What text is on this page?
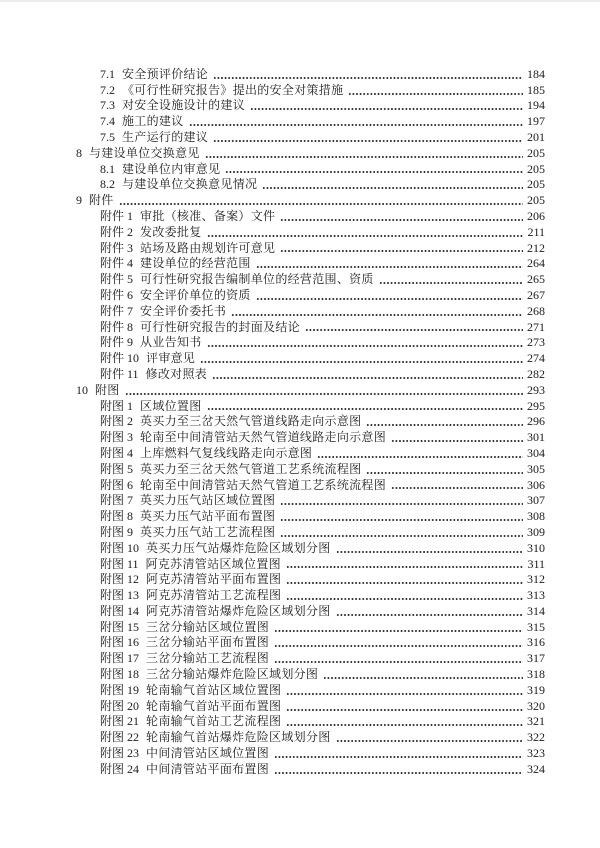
7.1 安全预评价结论	184
7.2 《可行性研究报告》提出的安全对策措施	185
7.3 对安全设施设计的建议	194
7.4 施工的建议	197
7.5 生产运行的建议	201
8 与建设单位交换意见	205
8.1 建设单位内审意见	205
8.2 与建设单位交换意见情况	205
9 附件	205
附件 1 审批（核准、备案）文件	206
附件 2 发改委批复	211
附件 3 站场及路由规划许可意见	212
附件 4 建设单位的经营范围	264
附件 5 可行性研究报告编制单位的经营范围、资质	265
附件 6 安全评价单位的资质	267
附件 7 安全评价委托书	268
附件 8 可行性研究报告的封面及结论	271
附件 9 从业告知书	273
附件 10 评审意见	274
附件 11 修改对照表	282
10 附图	293
附图 1 区域位置图	295
附图 2 英买力至三岔天然气管道线路走向示意图	296
附图 3 轮南至中间清管站天然气管道线路走向示意图	301
附图 4 上库燃料气复线线路走向示意图	304
附图 5 英买力至三岔天然气管道工艺系统流程图	305
附图 6 轮南至中间清管站天然气管道工艺系统流程图	306
附图 7 英买力压气站区域位置图	307
附图 8 英买力压气站平面布置图	308
附图 9 英买力压气站工艺流程图	309
附图 10 英买力压气站爆炸危险区域划分图	310
附图 11 阿克苏清管站区域位置图	311
附图 12 阿克苏清管站平面布置图	312
附图 13 阿克苏清管站工艺流程图	313
附图 14 阿克苏清管站爆炸危险区域划分图	314
附图 15 三岔分输站区域位置图	315
附图 16 三岔分输站平面布置图	316
附图 17 三岔分输站工艺流程图	317
附图 18 三岔分输站爆炸危险区域划分图	318
附图 19 轮南输气首站区域位置图	319
附图 20 轮南输气首站平面布置图	320
附图 21 轮南输气首站工艺流程图	321
附图 22 轮南输气首站爆炸危险区域划分图	322
附图 23 中间清管站区域位置图	323
附图 24 中间清管站平面布置图	324
